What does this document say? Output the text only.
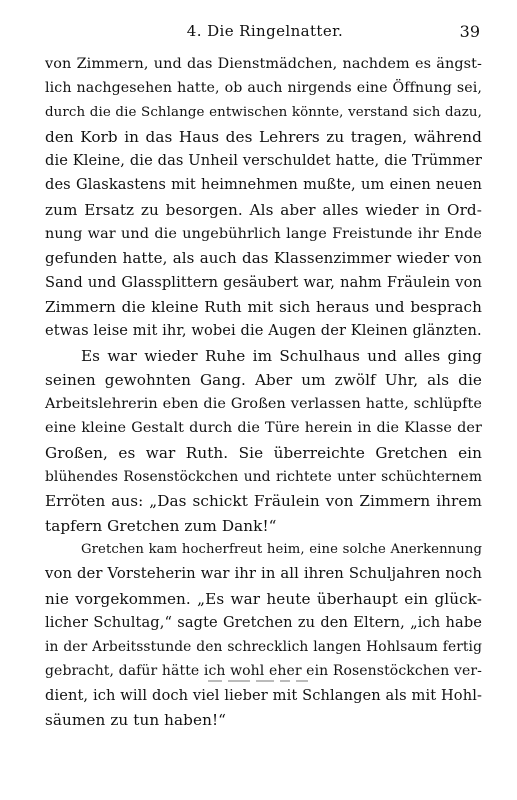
4. Die Ringelnatter.	39
von Zimmern, und das Dienstmädchen, nachdem es ängst-
lich nachgesehen hatte, ob auch nirgends eine Öffnung sei,
durch die die Schlange entwischen könnte, verstand sich dazu,
den Korb in das Haus des Lehrers zu tragen, während
die Kleine, die das Unheil verschuldet hatte, die Trümmer
des Glaskastens mit heimnehmen mußte, um einen neuen
zum Ersatz zu besorgen. Als aber alles wieder in Ord-
nung war und die ungebührlich lange Freistunde ihr Ende
gefunden hatte, als auch das Klassenzimmer wieder von
Sand und Glassplittern gesäubert war, nahm Fräulein von
Zimmern die kleine Ruth mit sich heraus und besprach
etwas leise mit ihr, wobei die Augen der Kleinen glänzten.
Es war wieder Ruhe im Schulhaus und alles ging
seinen gewohnten Gang. Aber um zwölf Uhr, als die
Arbeitslehrerin eben die Großen verlassen hatte, schlüpfte
eine kleine Gestalt durch die Türe herein in die Klasse der
Großen, es war Ruth. Sie überreichte Gretchen ein
blühendes Rosenstöckchen und richtete unter schüchternem
Erröten aus: „Das schickt Fräulein von Zimmern ihrem
tapfern Gretchen zum Dank!“
Gretchen kam hocherfreut heim, eine solche Anerkennung
von der Vorsteherin war ihr in all ihren Schuljahren noch
nie vorgekommen. „Es war heute überhaupt ein glück-
licher Schultag,“ sagte Gretchen zu den Eltern, „ich habe
in der Arbeitsstunde den schrecklich langen Hohlsaum fertig
gebracht, dafür hätte ich wohl eher ein Rosenstöckchen ver-
dient, ich will doch viel lieber mit Schlangen als mit Hohl-
säumen zu tun haben!“
